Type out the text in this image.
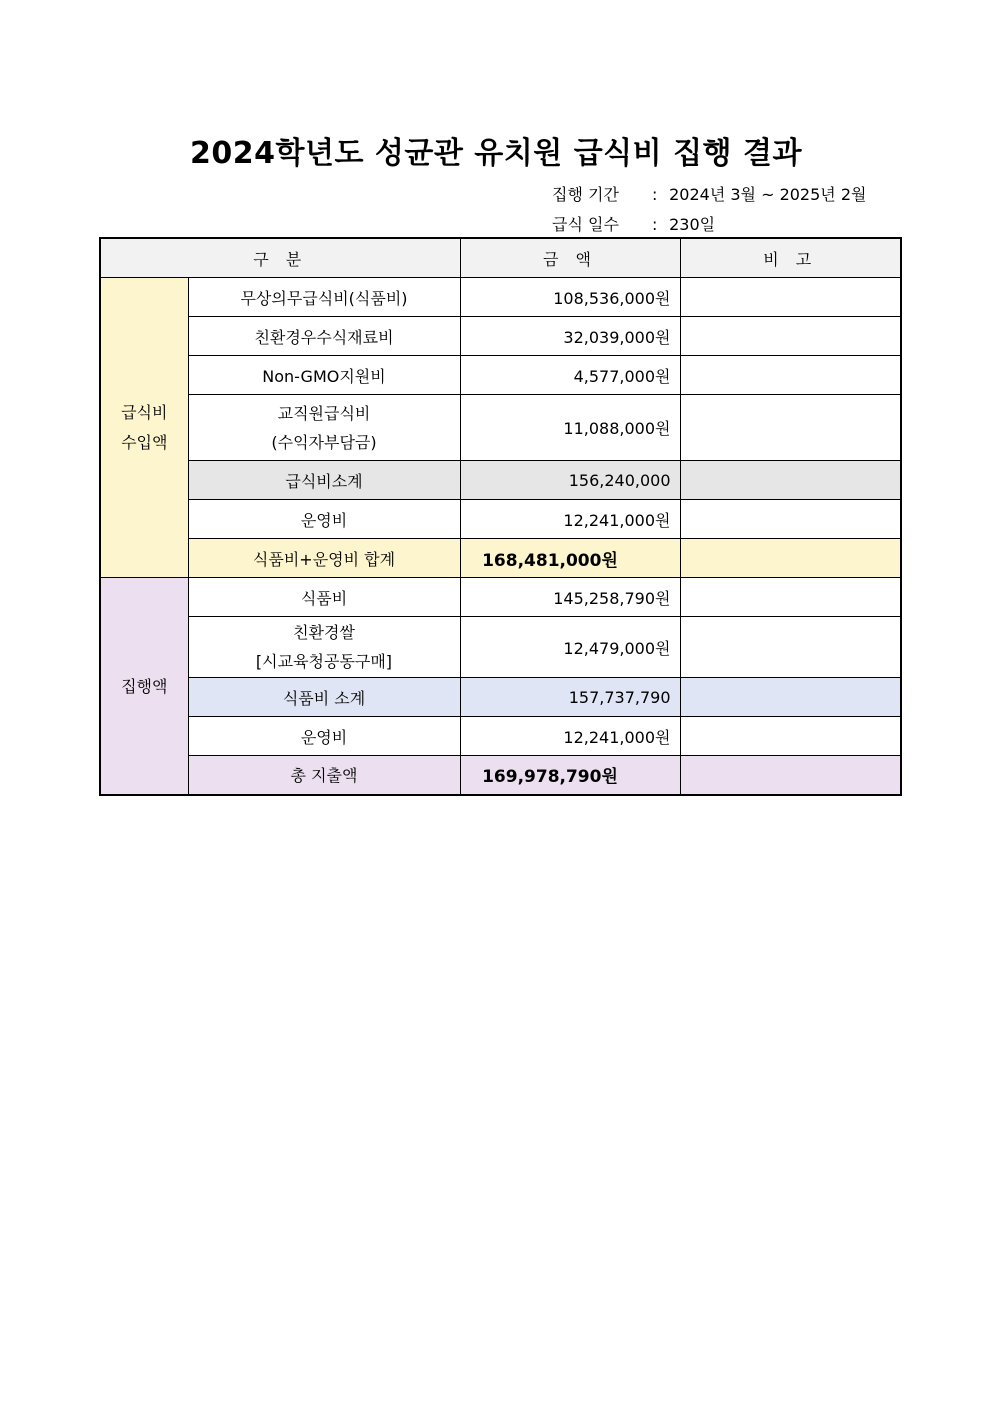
2024학년도 성균관 유치원 급식비 집행 결과
집행 기간 : 2024년 3월 ~ 2025년 2월
급식 일수 : 230일
구 분		금 액	비 고

급식비
수입액	무상의무급식비(식품비)	108,536,000원	
	친환경우수식재료비	32,039,000원	
	Non-GMO지원비	4,577,000원	

	교직원급식비
(수익자부담금)	11,088,000원	
	급식비소계	156,240,000	
	운영비	12,241,000원	
	식품비+운영비 합계	168,481,000원	
집행액	식품비	145,258,790원	

	친환경쌀
[시교육청공동구매]	12,479,000원	
	식품비 소계	157,737,790	
	운영비	12,241,000원	
	총 지출액	169,978,790원	
